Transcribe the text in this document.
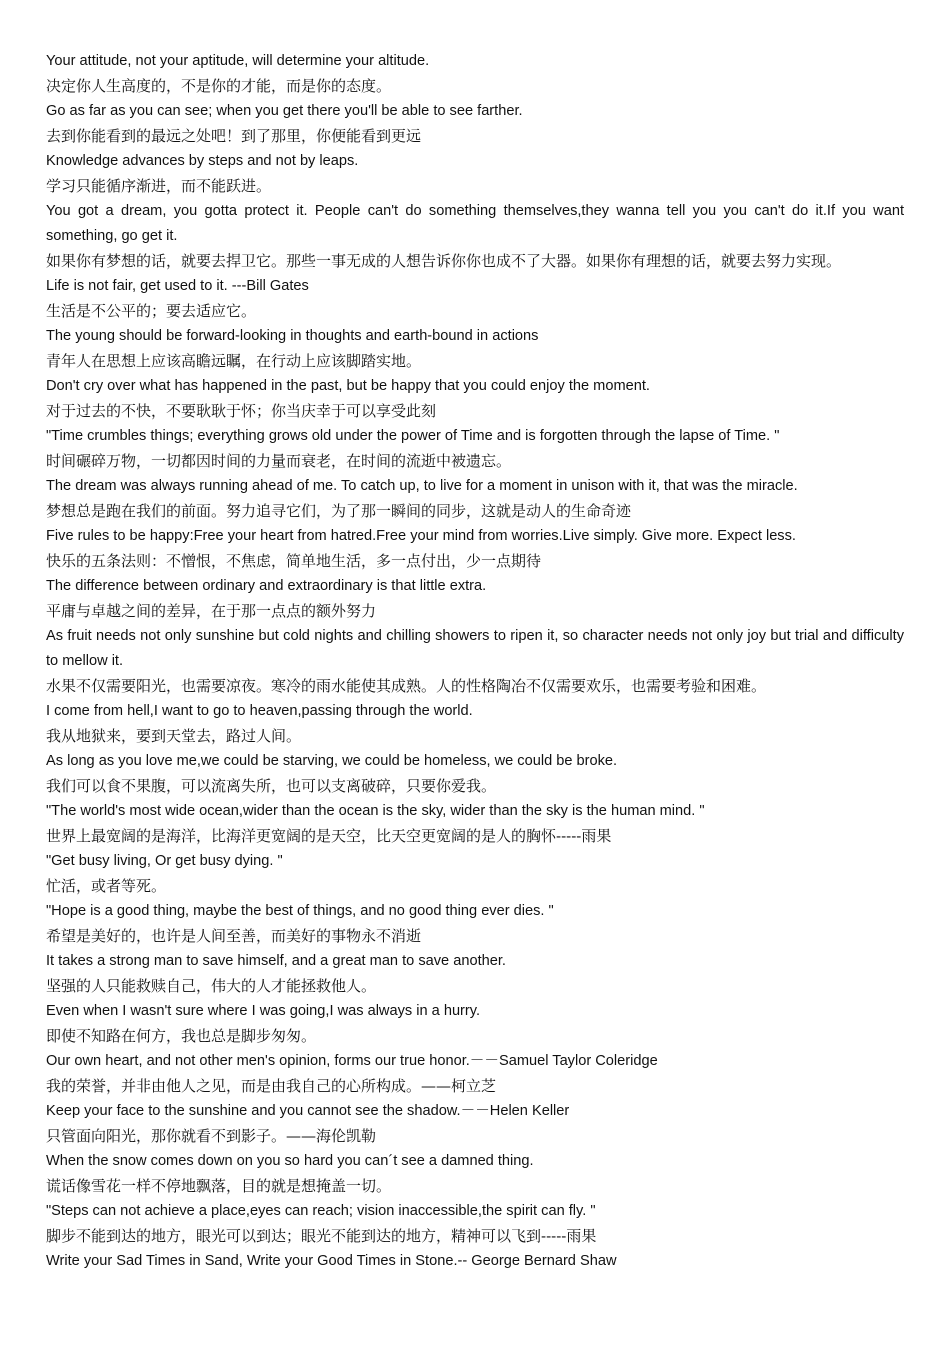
Your attitude, not your aptitude, will determine your altitude.

决定你人生高度的，不是你的才能，而是你的态度。

Go as far as you can see; when you get there you'll be able to see farther.

去到你能看到的最远之处吧！到了那里，你便能看到更远

Knowledge advances by steps and not by leaps.

学习只能循序渐进，而不能跃进。

You got a dream, you gotta protect it. People can't do something themselves,they wanna tell you you can't do it.If you want something, go get it.

如果你有梦想的话，就要去捍卫它。那些一事无成的人想告诉你你也成不了大器。如果你有理想的话，就要去努力实现。

Life is not fair, get used to it. ---Bill Gates

生活是不公平的；要去适应它。

The young should be forward-looking in thoughts and earth-bound in actions

青年人在思想上应该高瞻远瞩，在行动上应该脚踏实地。

Don't cry over what has happened in the past, but be happy that you could enjoy the moment.

对于过去的不快，不要耿耿于怀；你当庆幸于可以享受此刻

"Time crumbles things; everything grows old under the power of Time and is forgotten through the lapse of Time. "

时间碾碎万物，一切都因时间的力量而衰老，在时间的流逝中被遗忘。

The dream was always running ahead of me. To catch up, to live for a moment in unison with it, that was the miracle.

梦想总是跑在我们的前面。努力追寻它们，为了那一瞬间的同步，这就是动人的生命奇迹

Five rules to be happy:Free your heart from hatred.Free your mind from worries.Live simply. Give more. Expect less.

快乐的五条法则：不憎恨，不焦虑，简单地生活，多一点付出，少一点期待

The difference between ordinary and extraordinary is that little extra.

平庸与卓越之间的差异，在于那一点点的额外努力

As fruit needs not only sunshine but cold nights and chilling showers to ripen it, so character needs not only joy but trial and difficulty to mellow it.

水果不仅需要阳光，也需要凉夜。寒冷的雨水能使其成熟。人的性格陶冶不仅需要欢乐，也需要考验和困难。

I come from hell,I want to go to heaven,passing through the world.

我从地狱来，要到天堂去，路过人间。

As long as you love me,we could be starving, we could be homeless, we could be broke.

我们可以食不果腹，可以流离失所，也可以支离破碎，只要你爱我。

"The world's most wide ocean,wider than the ocean is the sky, wider than the sky is the human mind. "

世界上最宽阔的是海洋，比海洋更宽阔的是天空，比天空更宽阔的是人的胸怀-----雨果

"Get busy living, Or get busy dying. "

忙活，或者等死。

"Hope is a good thing, maybe the best of things, and no good thing ever dies. "

希望是美好的，也许是人间至善，而美好的事物永不消逝

It takes a strong man to save himself, and a great man to save another.

坚强的人只能救赎自己，伟大的人才能拯救他人。

Even when I wasn't sure where I was going,I was always in a hurry.

即使不知路在何方，我也总是脚步匆匆。

Our own heart, and not other men's opinion, forms our true honor.－－Samuel Taylor Coleridge

我的荣誉，并非由他人之见，而是由我自己的心所构成。——柯立芝

Keep your face to the sunshine and you cannot see the shadow.－－Helen Keller

只管面向阳光，那你就看不到影子。——海伦凯勒

When the snow comes down on you so hard you can´t see a damned thing.

谎话像雪花一样不停地飘落，目的就是想掩盖一切。

"Steps can not achieve a place,eyes can reach; vision inaccessible,the spirit can fly. "

脚步不能到达的地方，眼光可以到达；眼光不能到达的地方，精神可以飞到-----雨果

Write your Sad Times in Sand, Write your Good Times in Stone.-- George Bernard Shaw
